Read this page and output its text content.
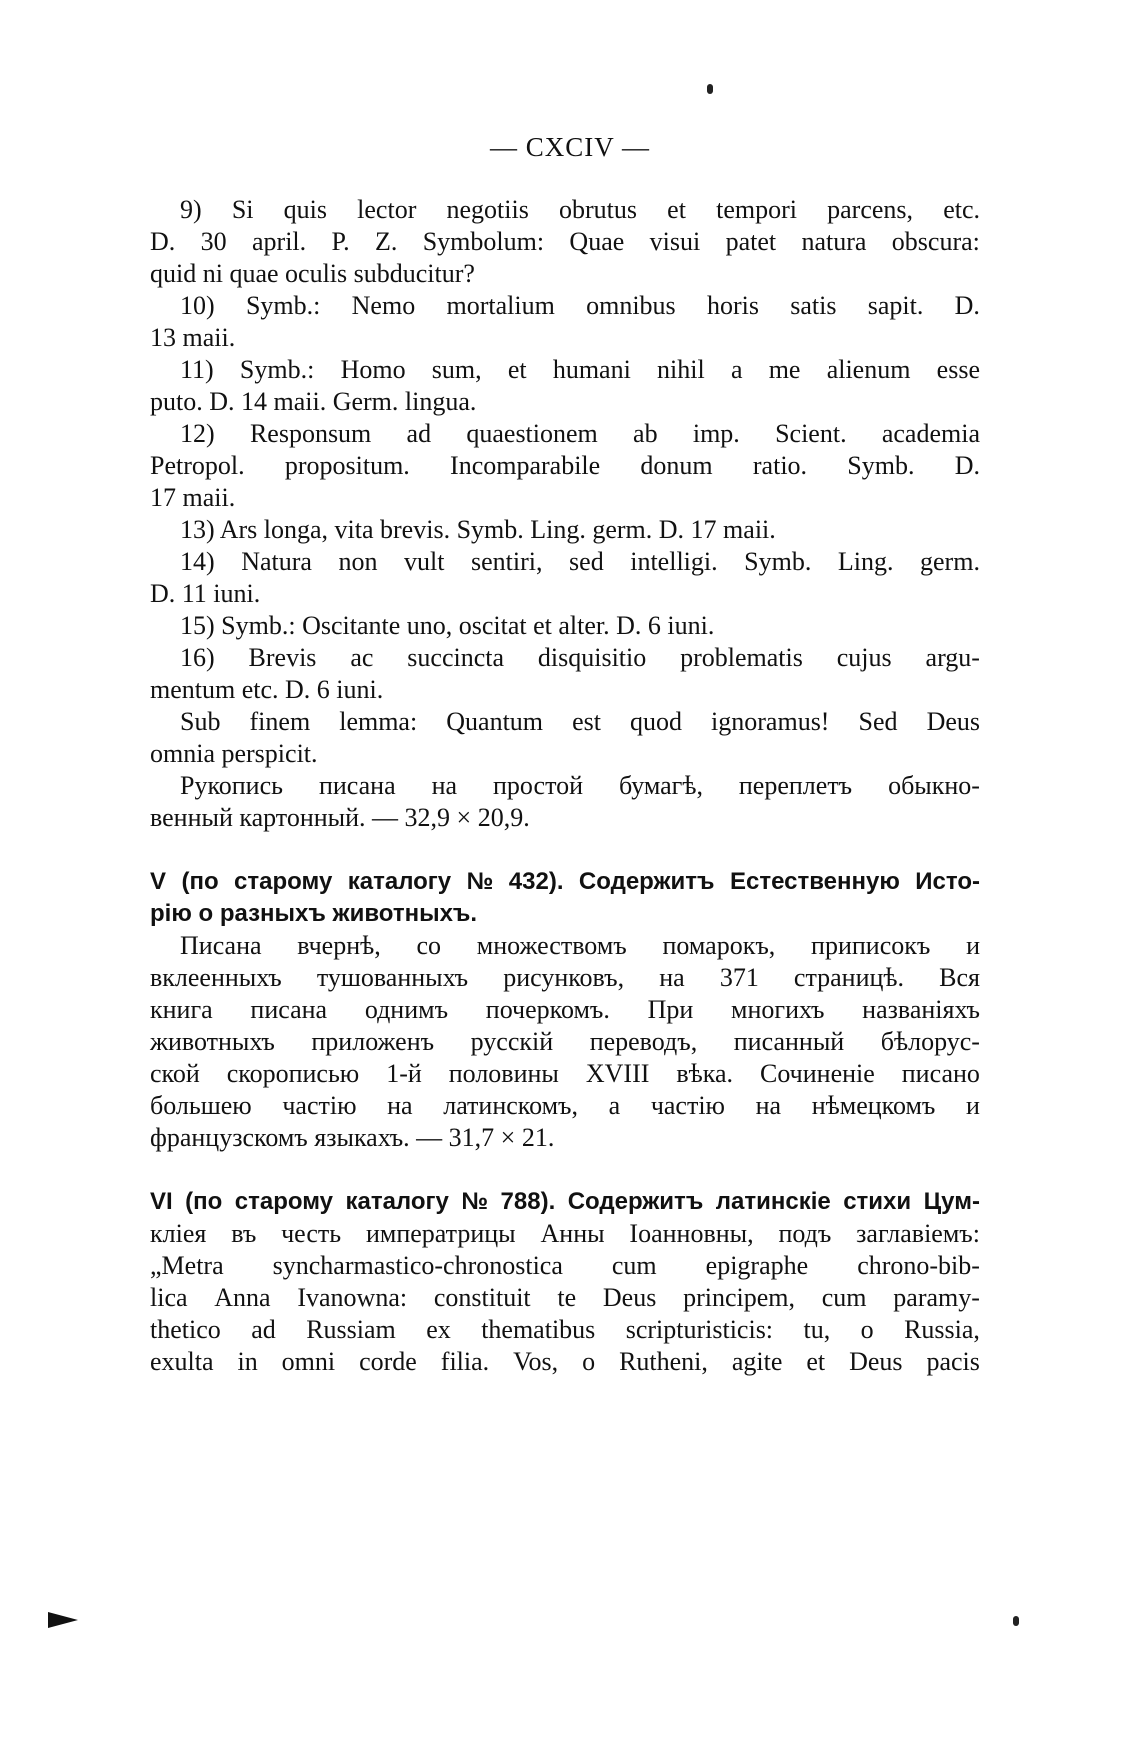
— CXCIV —
9) Si quis lector negotiis obrutus et tempori parcens, etc.
D. 30 april. P. Z. Symbolum: Quae visui patet natura obscura:
quid ni quae oculis subducitur?
10) Symb.: Nemo mortalium omnibus horis satis sapit. D.
13 maii.
11) Symb.: Homo sum, et humani nihil a me alienum esse
puto. D. 14 maii. Germ. lingua.
12) Responsum ad quaestionem ab imp. Scient. academia
Petropol. propositum. Incomparabile donum ratio. Symb. D.
17 maii.
13) Ars longa, vita brevis. Symb. Ling. germ. D. 17 maii.
14) Natura non vult sentiri, sed intelligi. Symb. Ling. germ.
D. 11 iuni.
15) Symb.: Oscitante uno, oscitat et alter. D. 6 iuni.
16) Brevis ac succincta disquisitio problematis cujus argu-
mentum etc. D. 6 iuni.
Sub finem lemma: Quantum est quod ignoramus! Sed Deus
omnia perspicit.
Рукопись писана на простой бумагѣ, переплетъ обыкно-
венный картонный. — 32,9 × 20,9.
V (по старому каталогу № 432). Содержитъ Естественную Исто-
рію о разныхъ животныхъ.
Писана вчернѣ, со множествомъ помарокъ, приписокъ и
вклеенныхъ тушованныхъ рисунковъ, на 371 страницѣ. Вся
книга писана однимъ почеркомъ. При многихъ названіяхъ
животныхъ приложенъ русскій переводъ, писанный бѣлорус-
ской скорописью 1-й половины XVIII вѣка. Сочиненіе писано
большею частію на латинскомъ, а частію на нѣмецкомъ и
французскомъ языкахъ. — 31,7 × 21.
VI (по старому каталогу № 788). Содержитъ латинскіе стихи Цум-
кліея въ честь императрицы Анны Іоанновны, подъ заглавіемъ:
„Metra syncharmastico-chronostica cum epigraphe chrono-bib-
lica Anna Ivanowna: constituit te Deus principem, cum paramy-
thetico ad Russiam ex thematibus scripturisticis: tu, o Russia,
exulta in omni corde filia. Vos, o Rutheni, agite et Deus pacis
